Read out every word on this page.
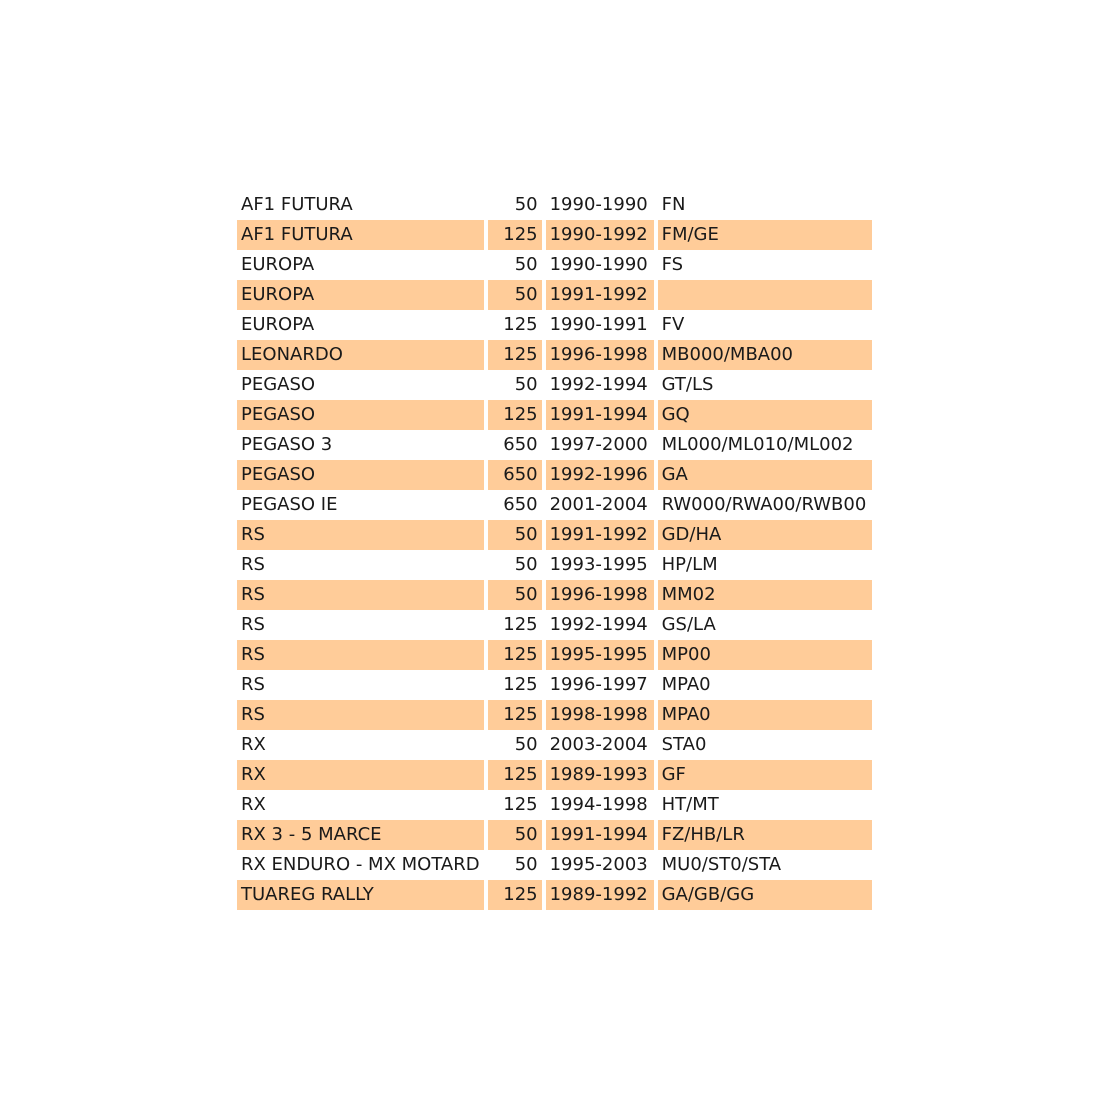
AF1 FUTURA	50	1990-1990	FN
AF1 FUTURA	125	1990-1992	FM/GE
EUROPA	50	1990-1990	FS
EUROPA	50	1991-1992	
EUROPA	125	1990-1991	FV
LEONARDO	125	1996-1998	MB000/MBA00
PEGASO	50	1992-1994	GT/LS
PEGASO	125	1991-1994	GQ
PEGASO 3	650	1997-2000	ML000/ML010/ML002
PEGASO	650	1992-1996	GA
PEGASO IE	650	2001-2004	RW000/RWA00/RWB00
RS	50	1991-1992	GD/HA
RS	50	1993-1995	HP/LM
RS	50	1996-1998	MM02
RS	125	1992-1994	GS/LA
RS	125	1995-1995	MP00
RS	125	1996-1997	MPA0
RS	125	1998-1998	MPA0
RX	50	2003-2004	STA0
RX	125	1989-1993	GF
RX	125	1994-1998	HT/MT
RX 3 - 5 MARCE	50	1991-1994	FZ/HB/LR
RX ENDURO - MX MOTARD	50	1995-2003	MU0/ST0/STA
TUAREG RALLY	125	1989-1992	GA/GB/GG
